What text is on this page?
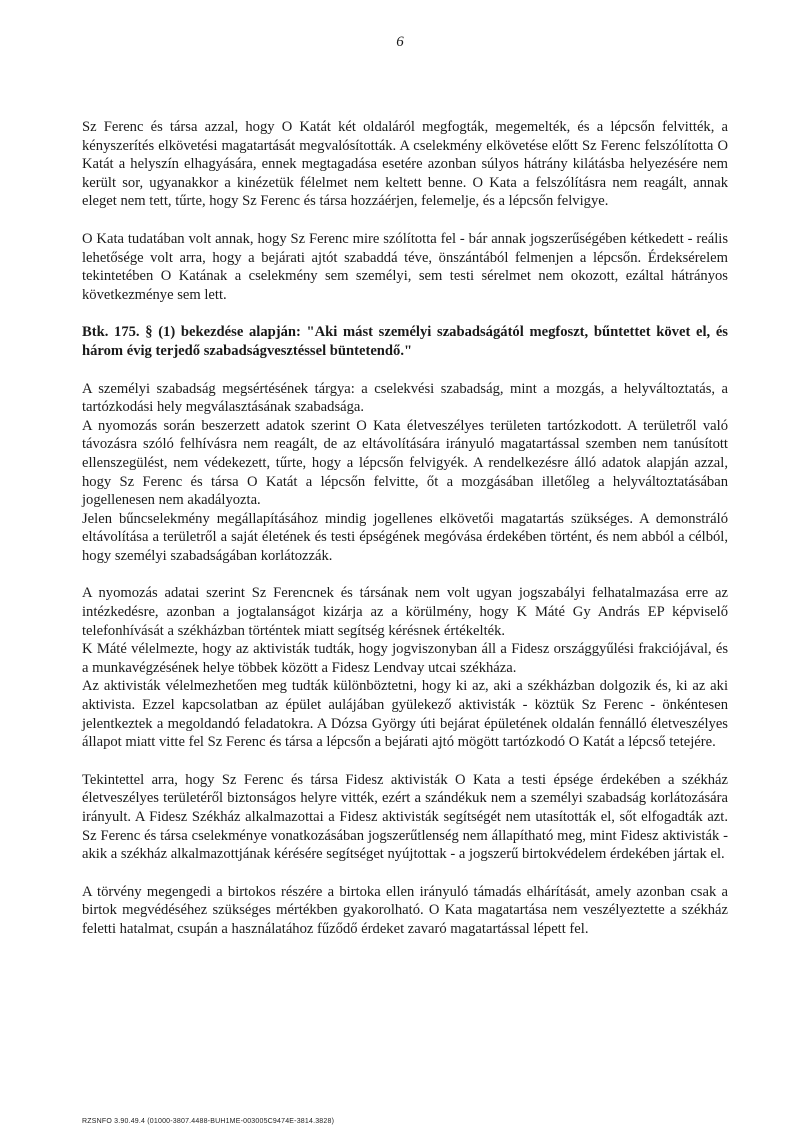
6

Sz Ferenc és társa azzal, hogy O Katát két oldaláról megfogták, megemelték, és a lépcsőn felvitték, a kényszerítés elkövetési magatartását megvalósították. A cselekmény elkövetése előtt Sz Ferenc felszólította O Katát a helyszín elhagyására, ennek megtagadása esetére azonban súlyos hátrány kilátásba helyezésére nem került sor, ugyanakkor a kinézetük félelmet nem keltett benne. O Kata a felszólításra nem reagált, annak eleget nem tett, tűrte, hogy Sz Ferenc és társa hozzáérjen, felemelje, és a lépcsőn felvigye.

O Kata tudatában volt annak, hogy Sz Ferenc mire szólította fel - bár annak jogszerűségében kétkedett - reális lehetősége volt arra, hogy a bejárati ajtót szabaddá téve, önszántából felmenjen a lépcsőn. Érdeksérelem tekintetében O Katának a cselekmény sem személyi, sem testi sérelmet nem okozott, ezáltal hátrányos következménye sem lett.

Btk. 175. § (1) bekezdése alapján: "Aki mást személyi szabadságától megfoszt, bűntettet követ el, és három évig terjedő szabadságvesztéssel büntetendő."

A személyi szabadság megsértésének tárgya: a cselekvési szabadság, mint a mozgás, a helyváltoztatás, a tartózkodási hely megválasztásának szabadsága.

A nyomozás során beszerzett adatok szerint O Kata életveszélyes területen tartózkodott. A területről való távozásra szóló felhívásra nem reagált, de az eltávolítására irányuló magatartással szemben nem tanúsított ellenszegülést, nem védekezett, tűrte, hogy a lépcsőn felvigyék. A rendelkezésre álló adatok alapján azzal, hogy Sz Ferenc és társa O Katát a lépcsőn felvitte, őt a mozgásában illetőleg a helyváltoztatásában jogellenesen nem akadályozta.

Jelen bűncselekmény megállapításához mindig jogellenes elkövetői magatartás szükséges. A demonstráló eltávolítása a területről a saját életének és testi épségének megóvása érdekében történt, és nem abból a célból, hogy személyi szabadságában korlátozzák.

A nyomozás adatai szerint Sz Ferencnek és társának nem volt ugyan jogszabályi felhatalmazása erre az intézkedésre, azonban a jogtalanságot kizárja az a körülmény, hogy K Máté Gy András EP képviselő telefonhívását a székházban történtek miatt segítség kérésnek értékelték.

K Máté vélelmezte, hogy az aktivisták tudták, hogy jogviszonyban áll a Fidesz országgyűlési frakciójával, és a munkavégzésének helye többek között a Fidesz Lendvay utcai székháza.

Az aktivisták vélelmezhetően meg tudták különböztetni, hogy ki az, aki a székházban dolgozik és, ki az aki aktivista. Ezzel kapcsolatban az épület aulájában gyülekező aktivisták - köztük Sz Ferenc - önkéntesen jelentkeztek a megoldandó feladatokra. A Dózsa György úti bejárat épületének oldalán fennálló életveszélyes állapot miatt vitte fel Sz Ferenc és társa a lépcsőn a bejárati ajtó mögött tartózkodó O Katát a lépcső tetejére.

Tekintettel arra, hogy Sz Ferenc és társa Fidesz aktivisták O Kata a testi épsége érdekében a székház életveszélyes területéről biztonságos helyre vitték, ezért a szándékuk nem a személyi szabadság korlátozására irányult. A Fidesz Székház alkalmazottai a Fidesz aktivisták segítségét nem utasították el, sőt elfogadták azt. Sz Ferenc és társa cselekménye vonatkozásában jogszerűtlenség nem állapítható meg, mint Fidesz aktivisták - akik a székház alkalmazottjának kérésére segítséget nyújtottak - a jogszerű birtokvédelem érdekében jártak el.

A törvény megengedi a birtokos részére a birtoka ellen irányuló támadás elhárítását, amely azonban csak a birtok megvédéséhez szükséges mértékben gyakorolható. O Kata magatartása nem veszélyeztette a székház feletti hatalmat, csupán a használatához fűződő érdeket zavaró magatartással lépett fel.

RZSNFO 3.90.49.4 (01000-3807.4488-BUH1ME-003005C9474E-3814.3828)
